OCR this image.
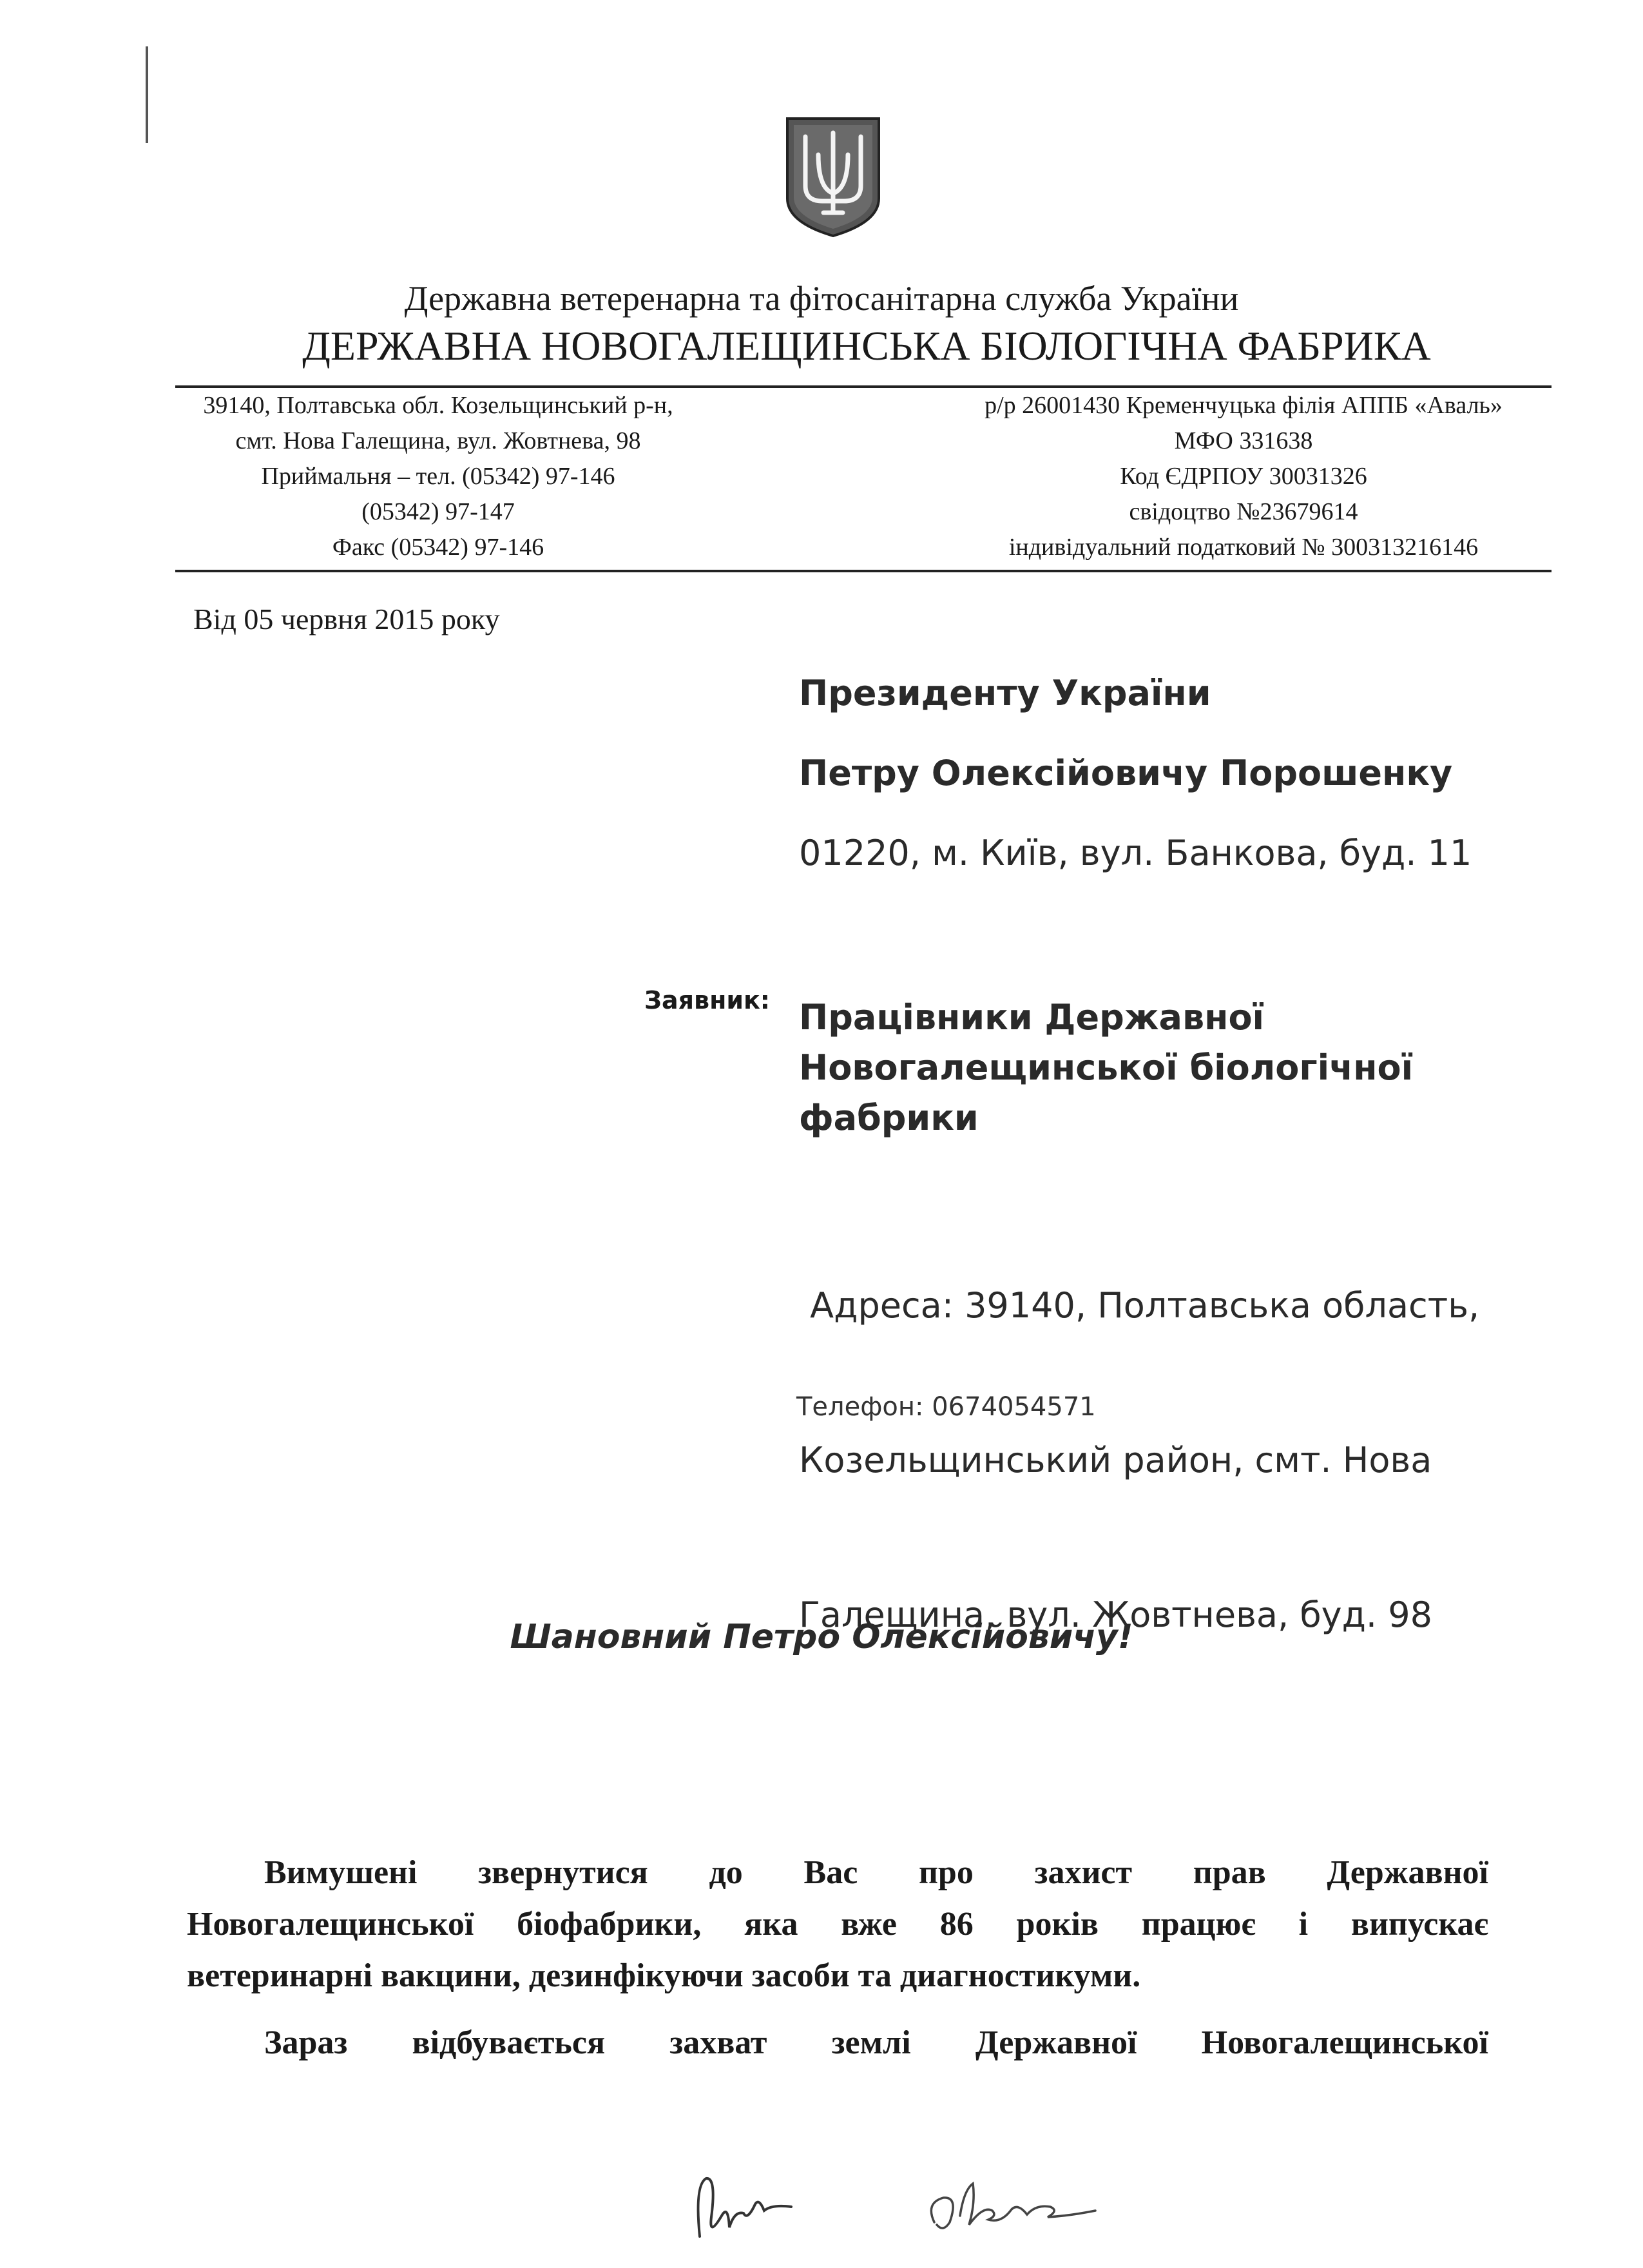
Державна ветеренарна та фітосанітарна служба України
ДЕРЖАВНА НОВОГАЛЕЩИНСЬКА БІОЛОГІЧНА ФАБРИКА
39140, Полтавська обл. Козельщинський р-н,
смт. Нова Галещина, вул. Жовтнева, 98
Приймальня – тел. (05342) 97-146
(05342) 97-147
Факс (05342) 97-146
р/р 26001430 Кременчуцька філія АППБ «Аваль»
МФО 331638
Код ЄДРПОУ 30031326
свідоцтво №23679614
індивідуальний податковий № 300313216146
Від 05 червня 2015 року
Президенту України
Петру Олексійовичу Порошенку
01220, м. Київ, вул. Банкова, буд. 11
Заявник: Працівники Державної
Новогалещинської біологічної
фабрики

Адреса: 39140, Полтавська область,

Козельщинський район, смт. Нова

Галещина, вул. Жовтнева, буд. 98

Телефон: 0674054571
Шановний Петро Олексійовичу!
Вимушені звернутися до Вас про захист прав Державної
Новогалещинської біофабрики, яка вже 86 років працює і випускає
ветеринарні вакцини, дезинфікуючи засоби та диагностикуми.
Зараз відбувається захват землі Державної Новогалещинської
